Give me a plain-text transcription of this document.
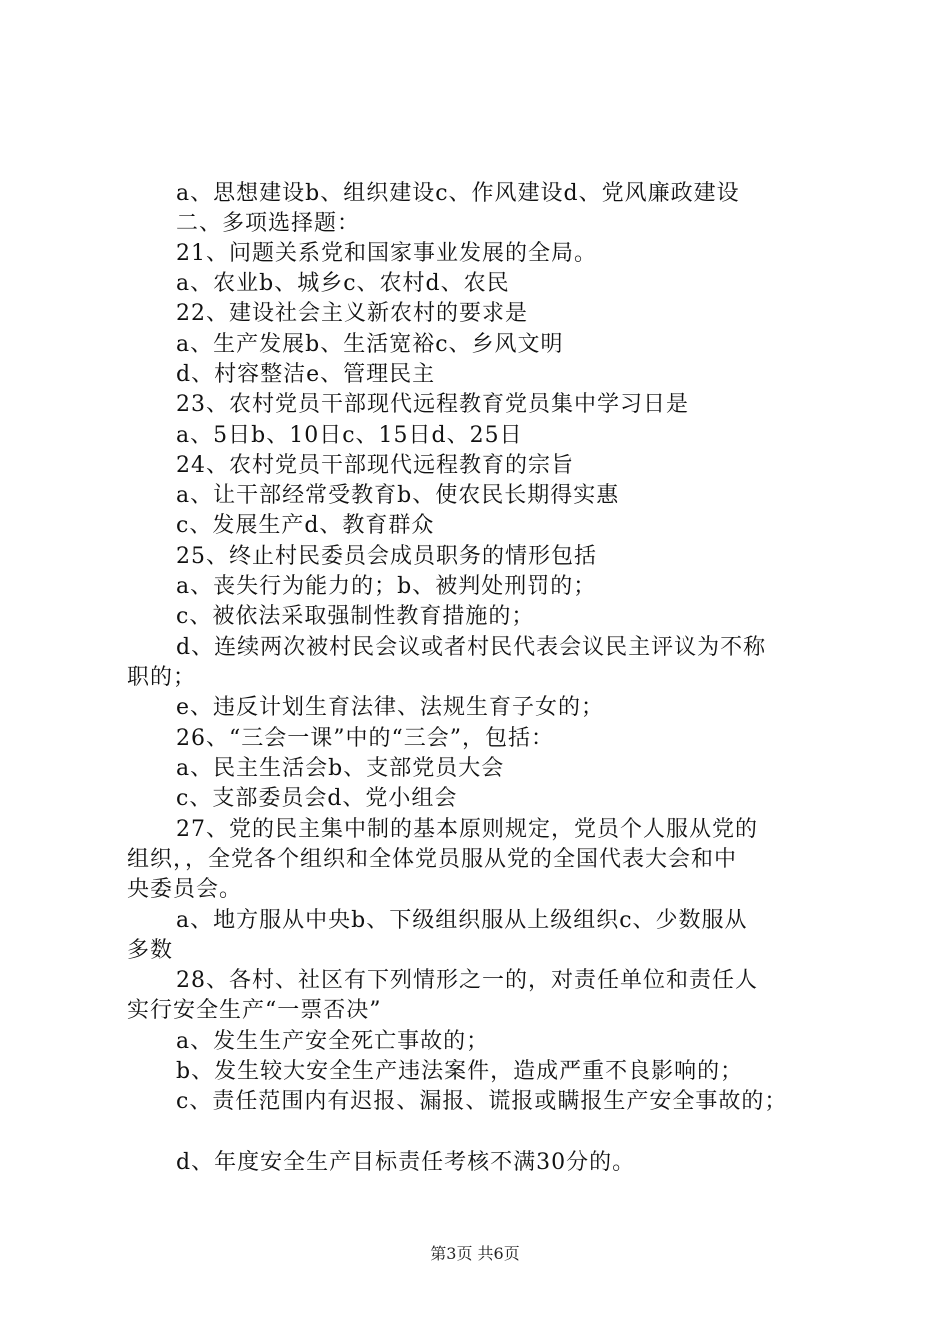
a、思想建设b、组织建设c、作风建设d、党风廉政建设
二、多项选择题：
21、问题关系党和国家事业发展的全局。
a、农业b、城乡c、农村d、农民
22、建设社会主义新农村的要求是
a、生产发展b、生活宽裕c、乡风文明
d、村容整洁e、管理民主
23、农村党员干部现代远程教育党员集中学习日是
a、5日b、10日c、15日d、25日
24、农村党员干部现代远程教育的宗旨
a、让干部经常受教育b、使农民长期得实惠
c、发展生产d、教育群众
25、终止村民委员会成员职务的情形包括
a、丧失行为能力的；b、被判处刑罚的；
c、被依法采取强制性教育措施的；
d、连续两次被村民会议或者村民代表会议民主评议为不称
职的；
e、违反计划生育法律、法规生育子女的；
26、“三会一课”中的“三会”，包括：
a、民主生活会b、支部党员大会
c、支部委员会d、党小组会
27、党的民主集中制的基本原则规定，党员个人服从党的
组织，，全党各个组织和全体党员服从党的全国代表大会和中
央委员会。
a、地方服从中央b、下级组织服从上级组织c、少数服从
多数
28、各村、社区有下列情形之一的，对责任单位和责任人
实行安全生产“一票否决”
a、发生生产安全死亡事故的；
b、发生较大安全生产违法案件，造成严重不良影响的；
c、责任范围内有迟报、漏报、谎报或瞒报生产安全事故的；
d、年度安全生产目标责任考核不满30分的。
第3页 共6页
